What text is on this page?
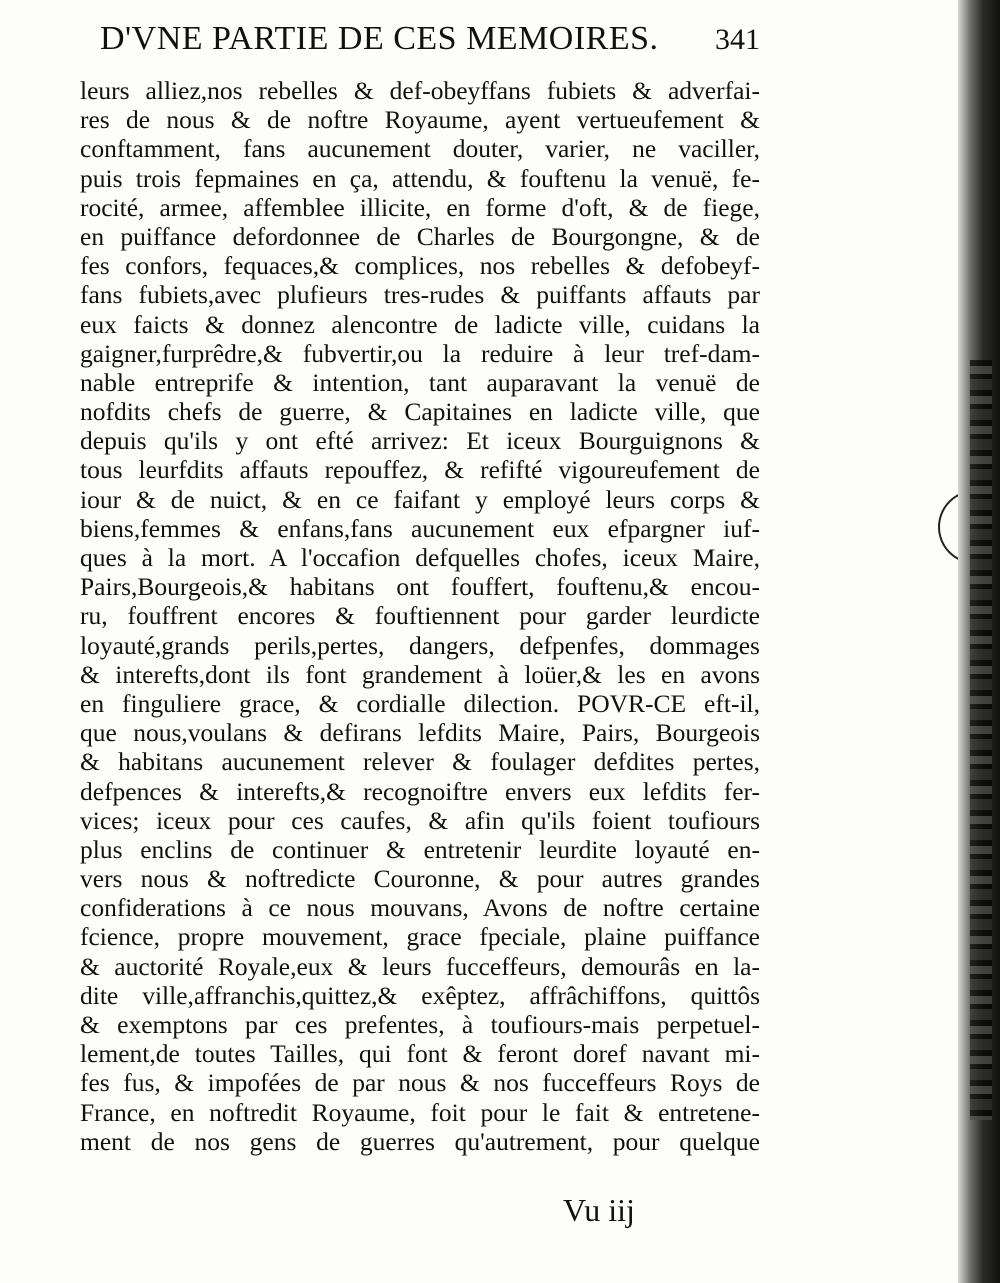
D'VNE PARTIE DE CES MEMOIRES. 341
leurs alliez,nos rebelles & def-obeyffans fubiets & adverfai-
res de nous & de noftre Royaume, ayent vertueufement &
conftamment, fans aucunement douter, varier, ne vaciller,
puis trois fepmaines en ça, attendu, & fouftenu la venuë, fe-
rocité, armee, affemblee illicite, en forme d'oft, & de fiege,
en puiffance defordonnee de Charles de Bourgongne, & de
fes confors, fequaces,& complices, nos rebelles & defobeyf-
fans fubiets,avec plufieurs tres-rudes & puiffants affauts par
eux faicts & donnez alencontre de ladicte ville, cuidans la
gaigner,furprêdre,& fubvertir,ou la reduire à leur tref-dam-
nable entreprife & intention, tant auparavant la venuë de
nofdits chefs de guerre, & Capitaines en ladicte ville, que
depuis qu'ils y ont efté arrivez: Et iceux Bourguignons &
tous leurfdits affauts repouffez, & refifté vigoureufement de
iour & de nuict, & en ce faifant y employé leurs corps &
biens,femmes & enfans,fans aucunement eux efpargner iuf-
ques à la mort. A l'occafion defquelles chofes, iceux Maire,
Pairs,Bourgeois,& habitans ont fouffert, fouftenu,& encou-
ru, fouffrent encores & fouftiennent pour garder leurdicte
loyauté,grands perils,pertes, dangers, defpenfes, dommages
& interefts,dont ils font grandement à loüer,& les en avons
en finguliere grace, & cordialle dilection. POVR-CE eft-il,
que nous,voulans & defirans lefdits Maire, Pairs, Bourgeois
& habitans aucunement relever & foulager defdites pertes,
defpences & interefts,& recognoiftre envers eux lefdits fer-
vices; iceux pour ces caufes, & afin qu'ils foient toufiours
plus enclins de continuer & entretenir leurdite loyauté en-
vers nous & noftredicte Couronne, & pour autres grandes
confiderations à ce nous mouvans, Avons de noftre certaine
fcience, propre mouvement, grace fpeciale, plaine puiffance
& auctorité Royale,eux & leurs fucceffeurs, demourâs en la-
dite ville,affranchis,quittez,& exêptez, affrâchiffons, quittôs
& exemptons par ces prefentes, à toufiours-mais perpetuel-
lement,de toutes Tailles, qui font & feront doref navant mi-
fes fus, & impofées de par nous & nos fucceffeurs Roys de
France, en noftredit Royaume, foit pour le fait & entretene-
ment de nos gens de guerres qu'autrement, pour quelque
Vu iij
